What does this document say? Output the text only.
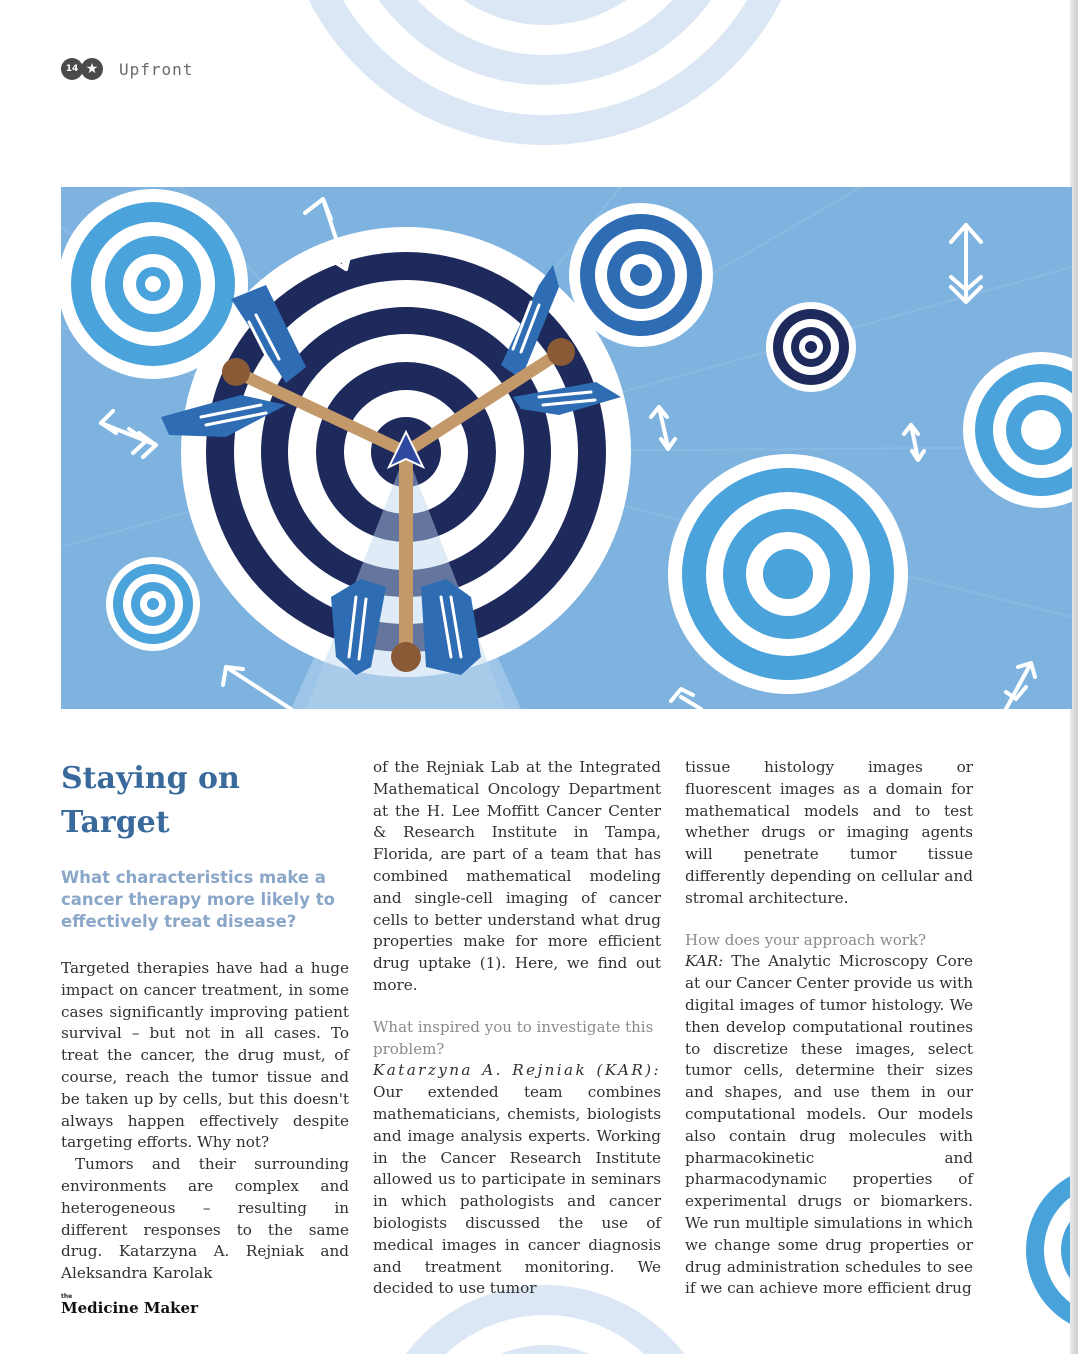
14 ★ Upfront
Staying on Target

What characteristics make a cancer therapy more likely to effectively treat disease?

Targeted therapies have had a huge impact on cancer treatment, in some cases significantly improving patient survival – but not in all cases. To treat the cancer, the drug must, of course, reach the tumor tissue and be taken up by cells, but this doesn't always happen effectively despite targeting efforts. Why not?

Tumors and their surrounding environments are complex and heterogeneous – resulting in different responses to the same drug. Katarzyna A. Rejniak and Aleksandra Karolak

of the Rejniak Lab at the Integrated Mathematical Oncology Department at the H. Lee Moffitt Cancer Center & Research Institute in Tampa, Florida, are part of a team that has combined mathematical modeling and single-cell imaging of cancer cells to better understand what drug properties make for more efficient drug uptake (1). Here, we find out more.

What inspired you to investigate this problem?

Katarzyna A. Rejniak (KAR): Our extended team combines mathematicians, chemists, biologists and image analysis experts. Working in the Cancer Research Institute allowed us to participate in seminars in which pathologists and cancer biologists discussed the use of medical images in cancer diagnosis and treatment monitoring. We decided to use tumor

tissue histology images or fluorescent images as a domain for mathematical models and to test whether drugs or imaging agents will penetrate tumor tissue differently depending on cellular and stromal architecture.

How does your approach work?

KAR: The Analytic Microscopy Core at our Cancer Center provide us with digital images of tumor histology. We then develop computational routines to discretize these images, select tumor cells, determine their sizes and shapes, and use them in our computational models. Our models also contain drug molecules with pharmacokinetic and pharmacodynamic properties of experimental drugs or biomarkers. We run multiple simulations in which we change some drug properties or drug administration schedules to see if we can achieve more efficient drug

the
Medicine Maker
